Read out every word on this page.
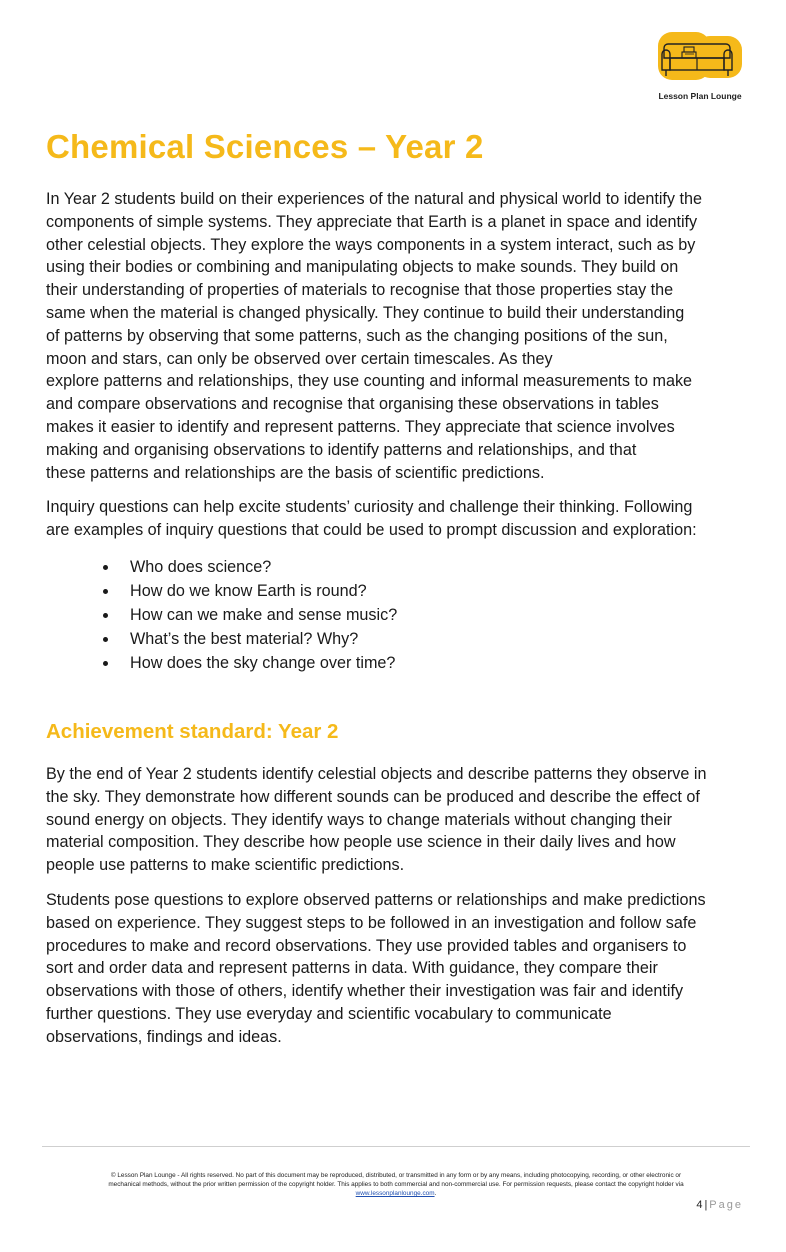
Lesson Plan Lounge
Chemical Sciences – Year 2

In Year 2 students build on their experiences of the natural and physical world to identify the
components of simple systems. They appreciate that Earth is a planet in space and identify
other celestial objects. They explore the ways components in a system interact, such as by
using their bodies or combining and manipulating objects to make sounds. They build on
their understanding of properties of materials to recognise that those properties stay the
same when the material is changed physically. They continue to build their understanding
of patterns by observing that some patterns, such as the changing positions of the sun,
moon and stars, can only be observed over certain timescales. As they
explore patterns and relationships, they use counting and informal measurements to make
and compare observations and recognise that organising these observations in tables
makes it easier to identify and represent patterns. They appreciate that science involves
making and organising observations to identify patterns and relationships, and that
these patterns and relationships are the basis of scientific predictions.

Inquiry questions can help excite students’ curiosity and challenge their thinking. Following
are examples of inquiry questions that could be used to prompt discussion and exploration:

Who does science?
How do we know Earth is round?
How can we make and sense music?
What’s the best material? Why?
How does the sky change over time?
Achievement standard: Year 2

By the end of Year 2 students identify celestial objects and describe patterns they observe in
the sky. They demonstrate how different sounds can be produced and describe the effect of
sound energy on objects. They identify ways to change materials without changing their
material composition. They describe how people use science in their daily lives and how
people use patterns to make scientific predictions.

Students pose questions to explore observed patterns or relationships and make predictions
based on experience. They suggest steps to be followed in an investigation and follow safe
procedures to make and record observations. They use provided tables and organisers to
sort and order data and represent patterns in data. With guidance, they compare their
observations with those of others, identify whether their investigation was fair and identify
further questions. They use everyday and scientific vocabulary to communicate
observations, findings and ideas.

© Lesson Plan Lounge - All rights reserved. No part of this document may be reproduced, distributed, or transmitted in any form or by any means, including photocopying, recording, or other electronic or
mechanical methods, without the prior written permission of the copyright holder. This applies to both commercial and non-commercial use. For permission requests, please contact the copyright holder via
www.lessonplanlounge.com.
4 | Page
